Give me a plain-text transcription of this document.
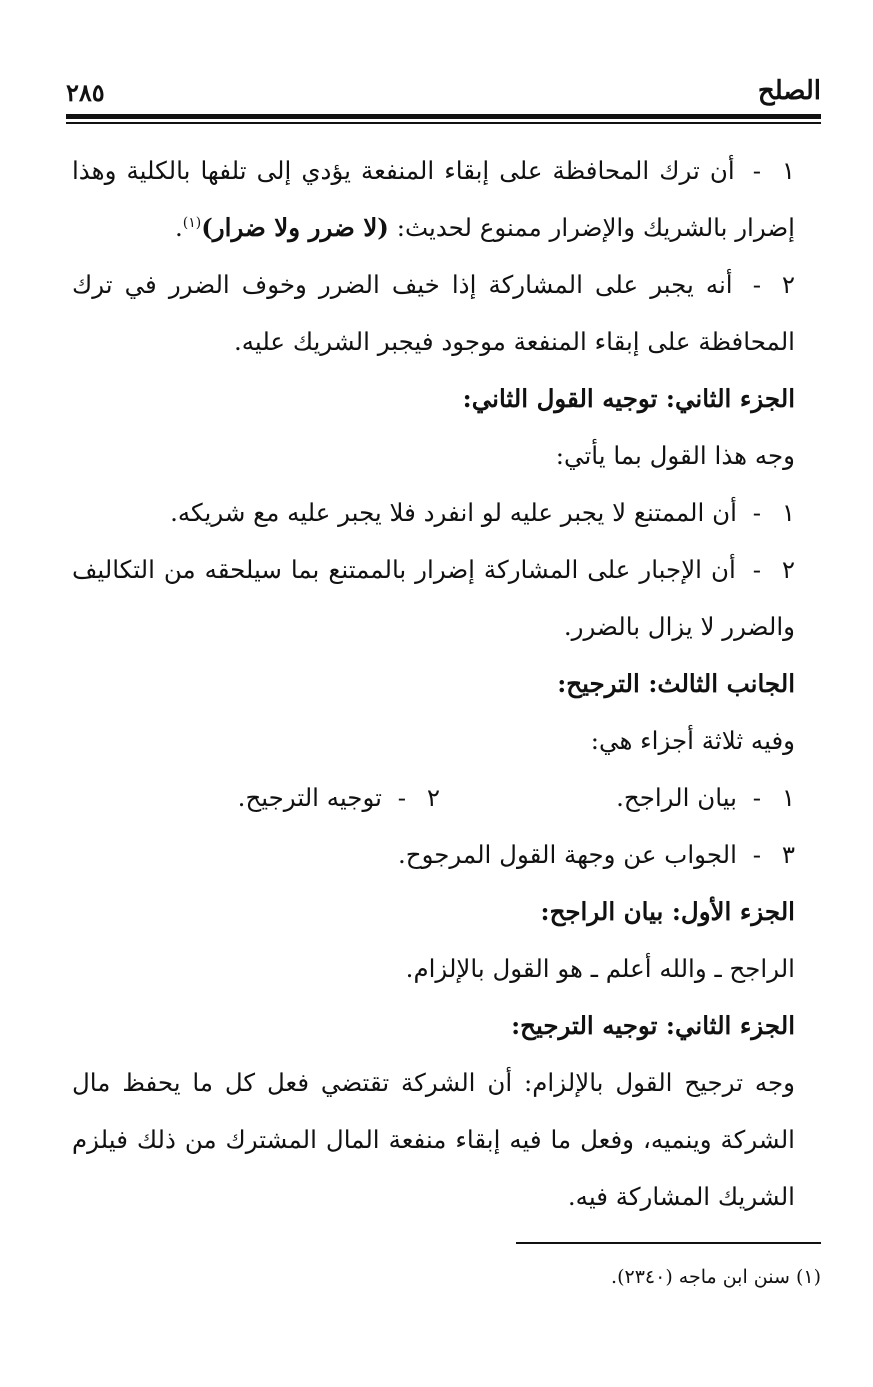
الصلح
٢٨٥

١- أن ترك المحافظة على إبقاء المنفعة يؤدي إلى تلفها بالكلية وهذا إضرار بالشريك والإضرار ممنوع لحديث: (لا ضرر ولا ضرار)$^{(١)}$.

٢- أنه يجبر على المشاركة إذا خيف الضرر وخوف الضرر في ترك المحافظة على إبقاء المنفعة موجود فيجبر الشريك عليه.

الجزء الثاني: توجيه القول الثاني:

وجه هذا القول بما يأتي:

١- أن الممتنع لا يجبر عليه لو انفرد فلا يجبر عليه مع شريكه.

٢- أن الإجبار على المشاركة إضرار بالممتنع بما سيلحقه من التكاليف والضرر لا يزال بالضرر.

الجانب الثالث: الترجيح:

وفيه ثلاثة أجزاء هي:

١- بيان الراجح.
٢- توجيه الترجيح.

٣- الجواب عن وجهة القول المرجوح.

الجزء الأول: بيان الراجح:

الراجح ـ والله أعلم ـ هو القول بالإلزام.

الجزء الثاني: توجيه الترجيح:

وجه ترجيح القول بالإلزام: أن الشركة تقتضي فعل كل ما يحفظ مال الشركة وينميه، وفعل ما فيه إبقاء منفعة المال المشترك من ذلك فيلزم الشريك المشاركة فيه.

(١) سنن ابن ماجه (٢٣٤٠).
